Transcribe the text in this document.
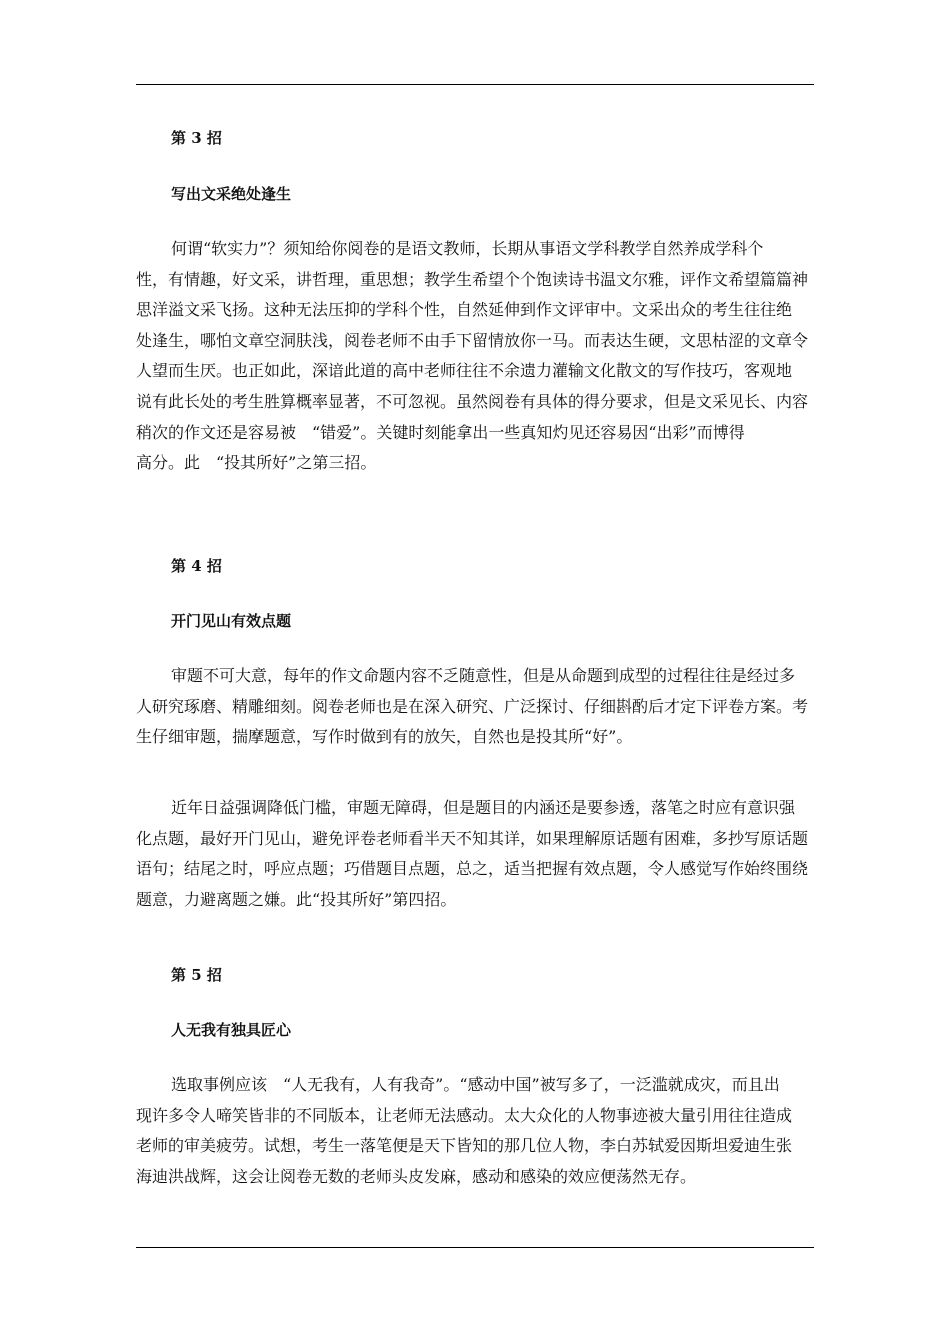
第 3 招
写出文采绝处逢生
何谓“软实力”？须知给你阅卷的是语文教师，长期从事语文学科教学自然养成学科个
性，有情趣，好文采，讲哲理，重思想；教学生希望个个饱读诗书温文尔雅，评作文希望篇篇神
思洋溢文采飞扬。这种无法压抑的学科个性，自然延伸到作文评审中。文采出众的考生往往绝
处逢生，哪怕文章空洞肤浅，阅卷老师不由手下留情放你一马。而表达生硬，文思枯涩的文章令
人望而生厌。也正如此，深谙此道的高中老师往往不余遗力灌输文化散文的写作技巧，客观地
说有此长处的考生胜算概率显著，不可忽视。虽然阅卷有具体的得分要求，但是文采见长、内容
稍次的作文还是容易被　“错爱”。关键时刻能拿出一些真知灼见还容易因“出彩”而博得
高分。此　“投其所好”之第三招。
第 4 招
开门见山有效点题
审题不可大意，每年的作文命题内容不乏随意性，但是从命题到成型的过程往往是经过多
人研究琢磨、精雕细刻。阅卷老师也是在深入研究、广泛探讨、仔细斟酌后才定下评卷方案。考
生仔细审题，揣摩题意，写作时做到有的放矢，自然也是投其所“好”。
近年日益强调降低门槛，审题无障碍，但是题目的内涵还是要参透，落笔之时应有意识强
化点题，最好开门见山，避免评卷老师看半天不知其详，如果理解原话题有困难，多抄写原话题
语句；结尾之时，呼应点题；巧借题目点题，总之，适当把握有效点题，令人感觉写作始终围绕
题意，力避离题之嫌。此“投其所好”第四招。
第 5 招
人无我有独具匠心
选取事例应该　“人无我有，人有我奇”。“感动中国”被写多了，一泛滥就成灾，而且出
现许多令人啼笑皆非的不同版本，让老师无法感动。太大众化的人物事迹被大量引用往往造成
老师的审美疲劳。试想，考生一落笔便是天下皆知的那几位人物，李白苏轼爱因斯坦爱迪生张
海迪洪战辉，这会让阅卷无数的老师头皮发麻，感动和感染的效应便荡然无存。
